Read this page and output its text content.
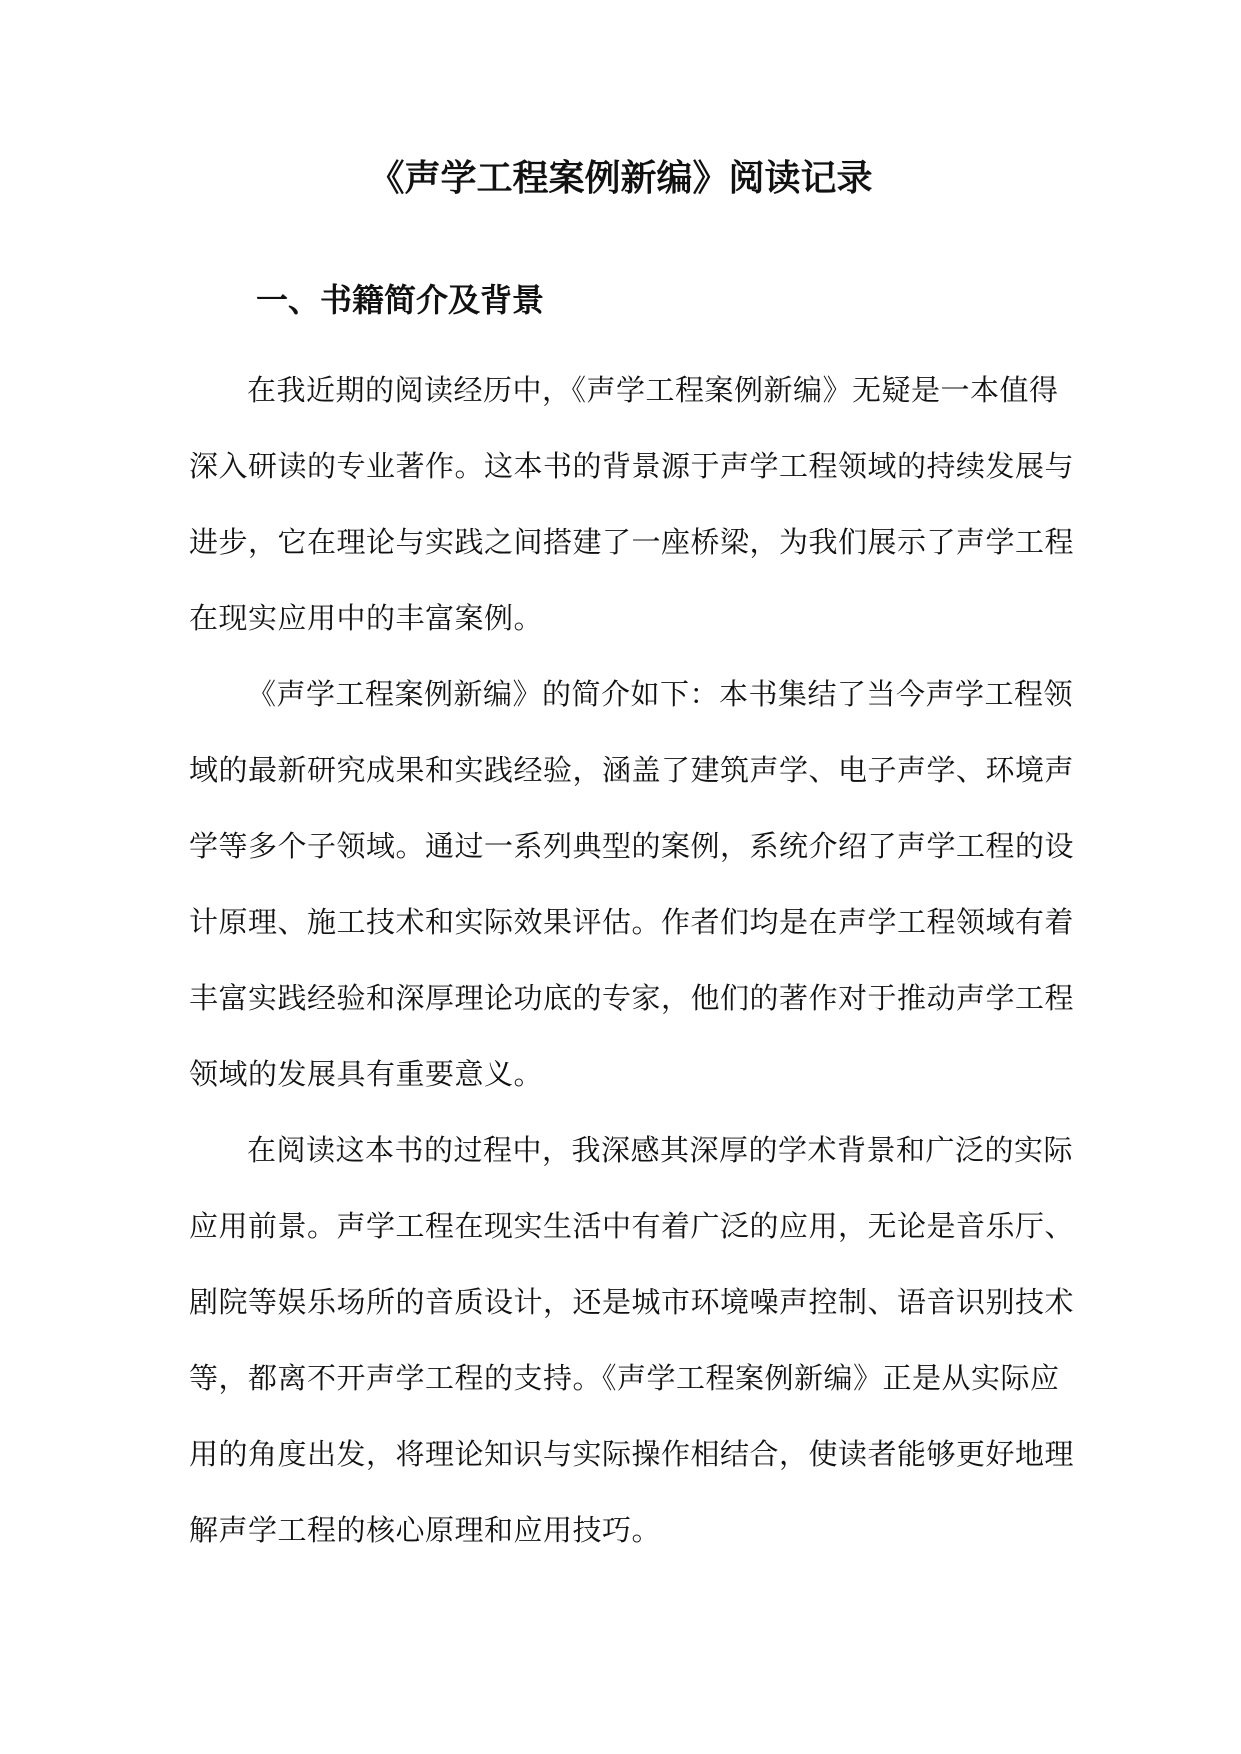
《声学工程案例新编》阅读记录
一、书籍简介及背景

在我近期的阅读经历中，《声学工程案例新编》无疑是一本值得
深入研读的专业著作。这本书的背景源于声学工程领域的持续发展与
进步，它在理论与实践之间搭建了一座桥梁，为我们展示了声学工程
在现实应用中的丰富案例。

《声学工程案例新编》的简介如下：本书集结了当今声学工程领
域的最新研究成果和实践经验，涵盖了建筑声学、电子声学、环境声
学等多个子领域。通过一系列典型的案例，系统介绍了声学工程的设
计原理、施工技术和实际效果评估。作者们均是在声学工程领域有着
丰富实践经验和深厚理论功底的专家，他们的著作对于推动声学工程
领域的发展具有重要意义。

在阅读这本书的过程中，我深感其深厚的学术背景和广泛的实际
应用前景。声学工程在现实生活中有着广泛的应用，无论是音乐厅、
剧院等娱乐场所的音质设计，还是城市环境噪声控制、语音识别技术
等，都离不开声学工程的支持。《声学工程案例新编》正是从实际应
用的角度出发，将理论知识与实际操作相结合，使读者能够更好地理
解声学工程的核心原理和应用技巧。
